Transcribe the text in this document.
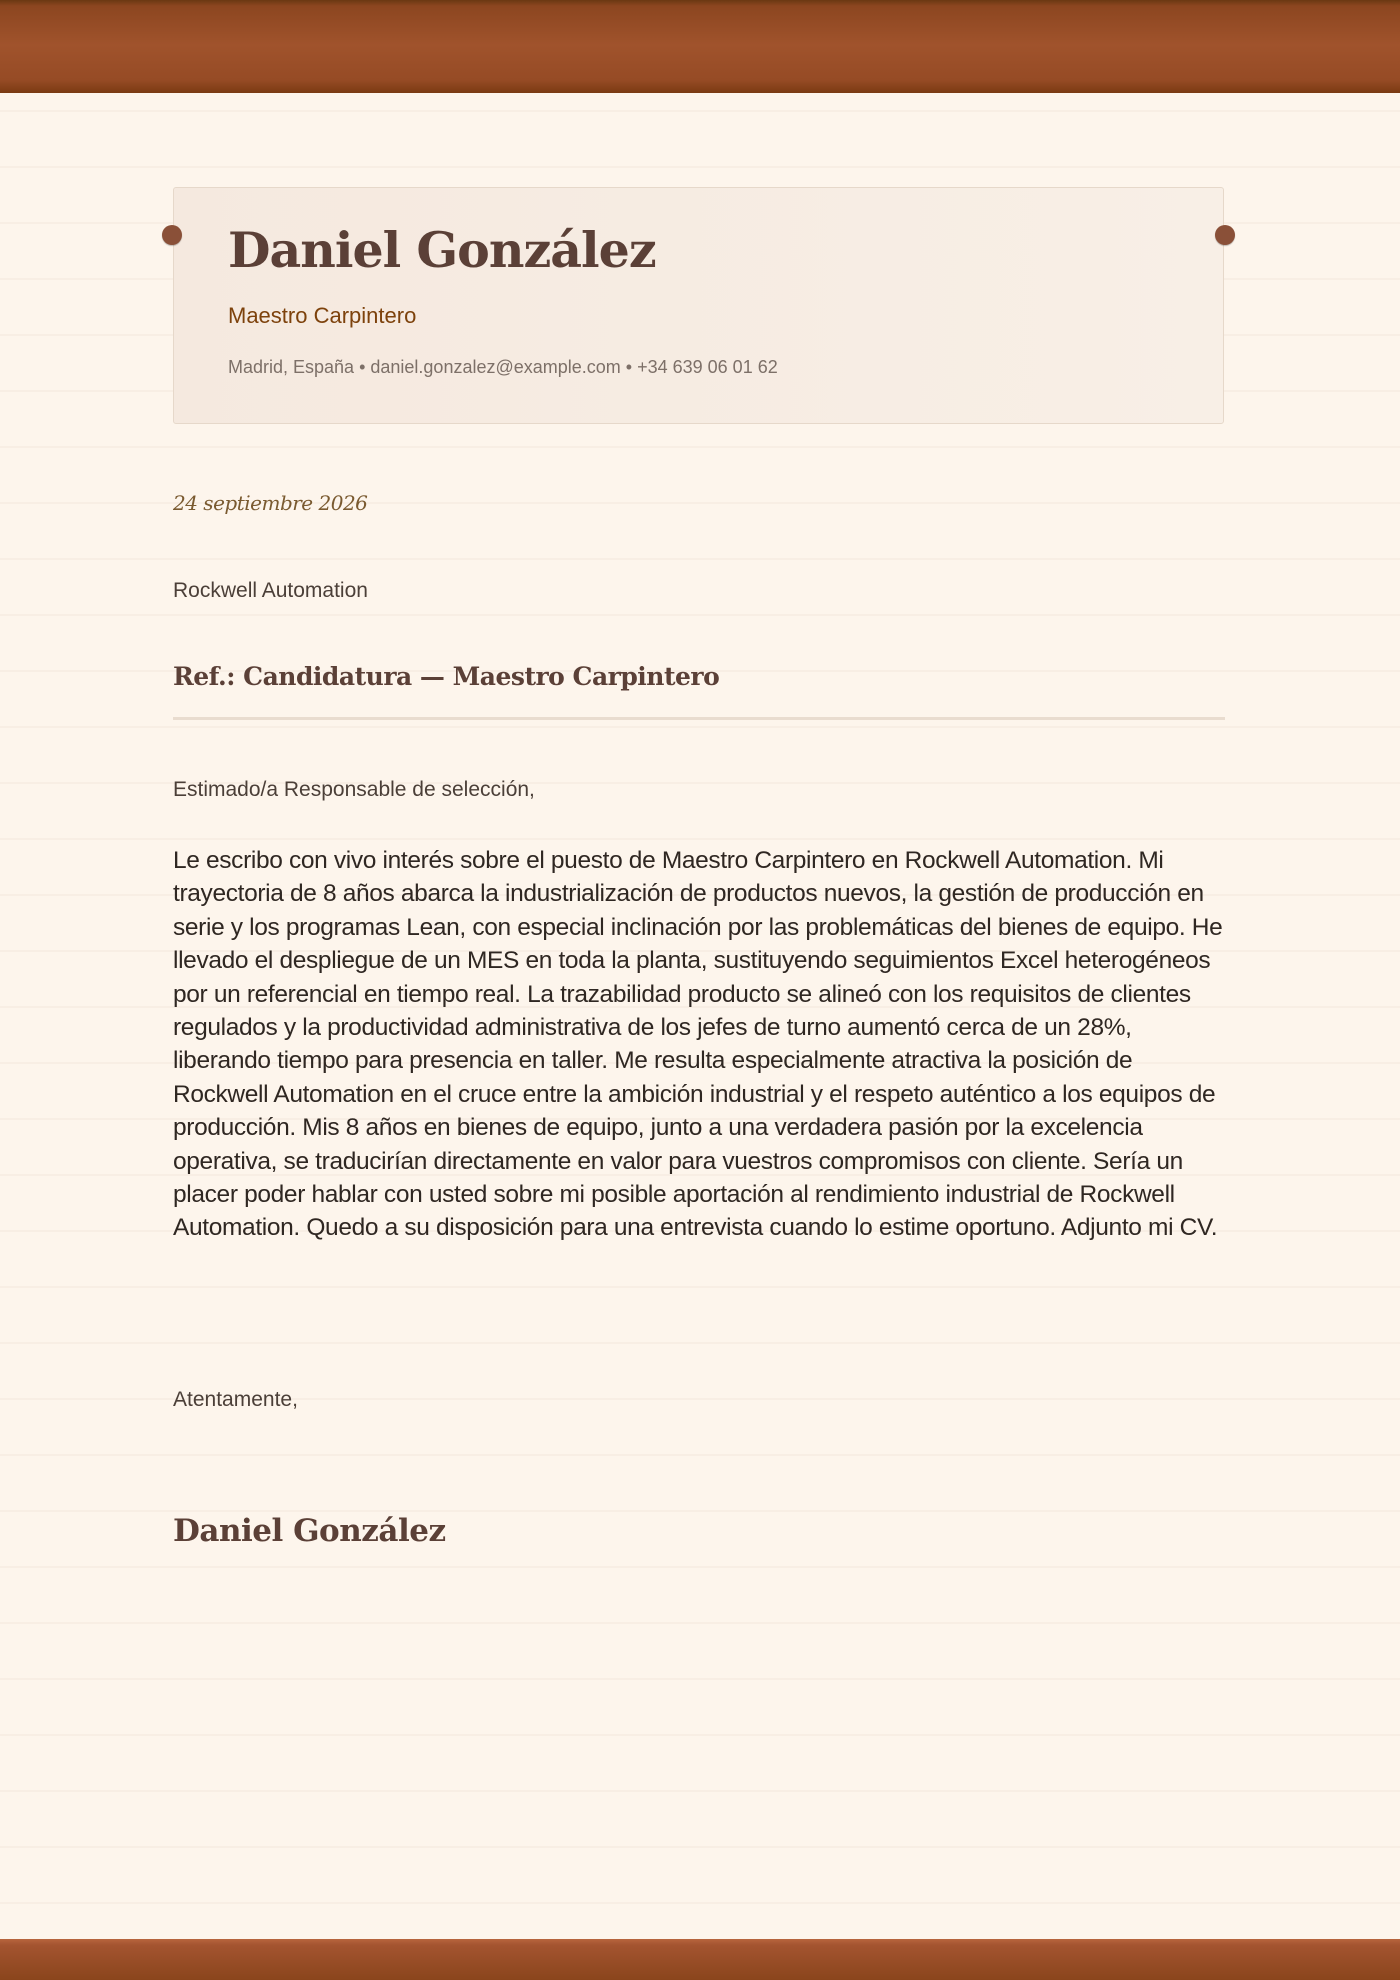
Daniel González
Maestro Carpintero
Madrid, España • daniel.gonzalez@example.com • +34 639 06 01 62
24 septiembre 2026
Rockwell Automation
Ref.: Candidatura — Maestro Carpintero
Estimado/a Responsable de selección,

Le escribo con vivo interés sobre el puesto de Maestro Carpintero en Rockwell Automation. Mi trayectoria de 8 años abarca la industrialización de productos nuevos, la gestión de producción en serie y los programas Lean, con especial inclinación por las problemáticas del bienes de equipo. He llevado el despliegue de un MES en toda la planta, sustituyendo seguimientos Excel heterogéneos por un referencial en tiempo real. La trazabilidad producto se alineó con los requisitos de clientes regulados y la productividad administrativa de los jefes de turno aumentó cerca de un 28%, liberando tiempo para presencia en taller. Me resulta especialmente atractiva la posición de Rockwell Automation en el cruce entre la ambición industrial y el respeto auténtico a los equipos de producción. Mis 8 años en bienes de equipo, junto a una verdadera pasión por la excelencia operativa, se traducirían directamente en valor para vuestros compromisos con cliente. Sería un placer poder hablar con usted sobre mi posible aportación al rendimiento industrial de Rockwell Automation. Quedo a su disposición para una entrevista cuando lo estime oportuno. Adjunto mi CV.

Atentamente,
Daniel González
